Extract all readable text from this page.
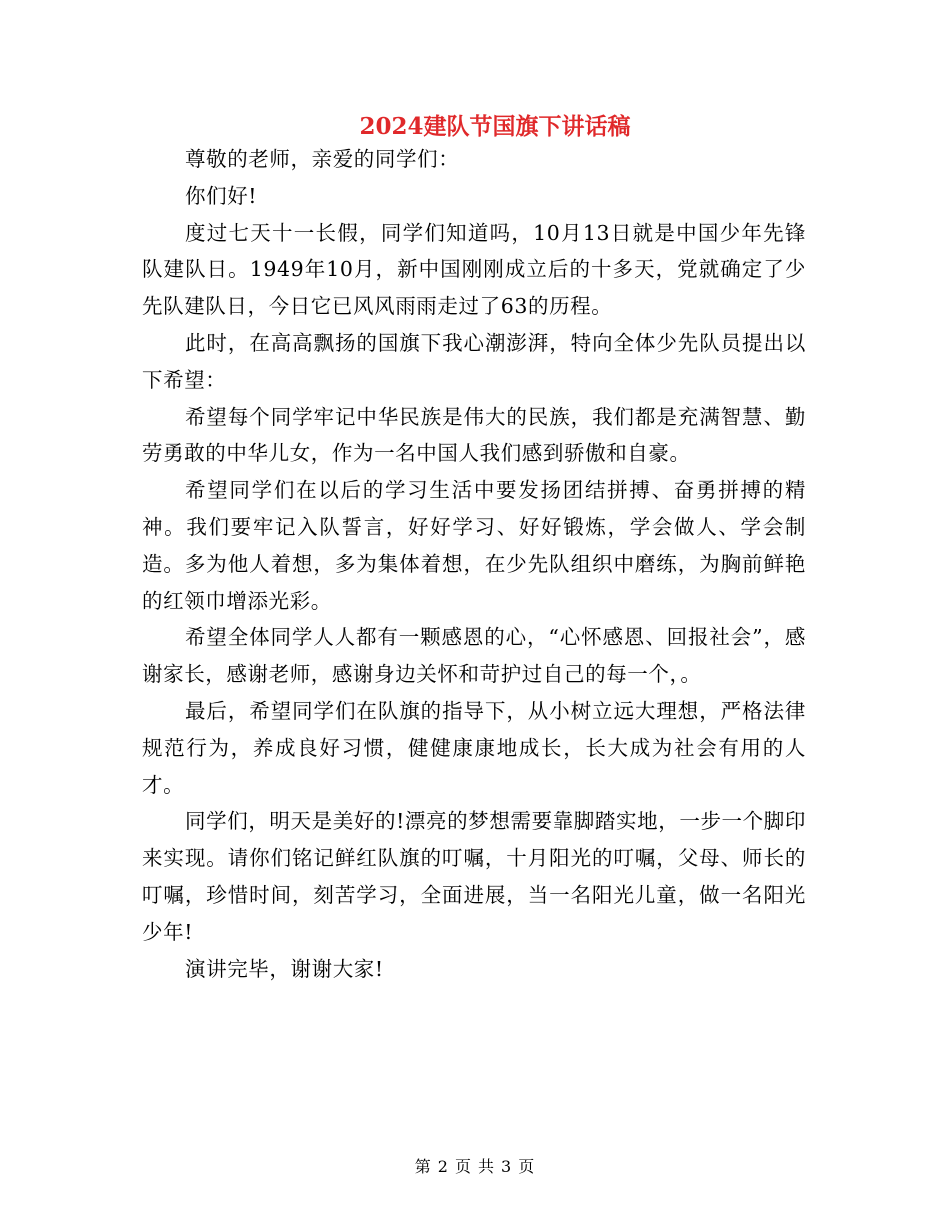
2024建队节国旗下讲话稿

尊敬的老师，亲爱的同学们：

你们好!

度过七天十一长假，同学们知道吗，10月13日就是中国少年先锋队建队日。1949年10月，新中国刚刚成立后的十多天，党就确定了少先队建队日，今日它已风风雨雨走过了63的历程。

此时，在高高飘扬的国旗下我心潮澎湃，特向全体少先队员提出以下希望：

希望每个同学牢记中华民族是伟大的民族，我们都是充满智慧、勤劳勇敢的中华儿女，作为一名中国人我们感到骄傲和自豪。

希望同学们在以后的学习生活中要发扬团结拼搏、奋勇拼搏的精神。我们要牢记入队誓言，好好学习、好好锻炼，学会做人、学会制造。多为他人着想，多为集体着想，在少先队组织中磨练，为胸前鲜艳的红领巾增添光彩。

希望全体同学人人都有一颗感恩的心，“心怀感恩、回报社会”，感谢家长，感谢老师，感谢身边关怀和苛护过自己的每一个，。

最后，希望同学们在队旗的指导下，从小树立远大理想，严格法律规范行为，养成良好习惯，健健康康地成长，长大成为社会有用的人才。

同学们，明天是美好的!漂亮的梦想需要靠脚踏实地，一步一个脚印来实现。请你们铭记鲜红队旗的叮嘱，十月阳光的叮嘱，父母、师长的叮嘱，珍惜时间，刻苦学习，全面进展，当一名阳光儿童，做一名阳光少年!

演讲完毕，谢谢大家!

第 2 页 共 3 页
